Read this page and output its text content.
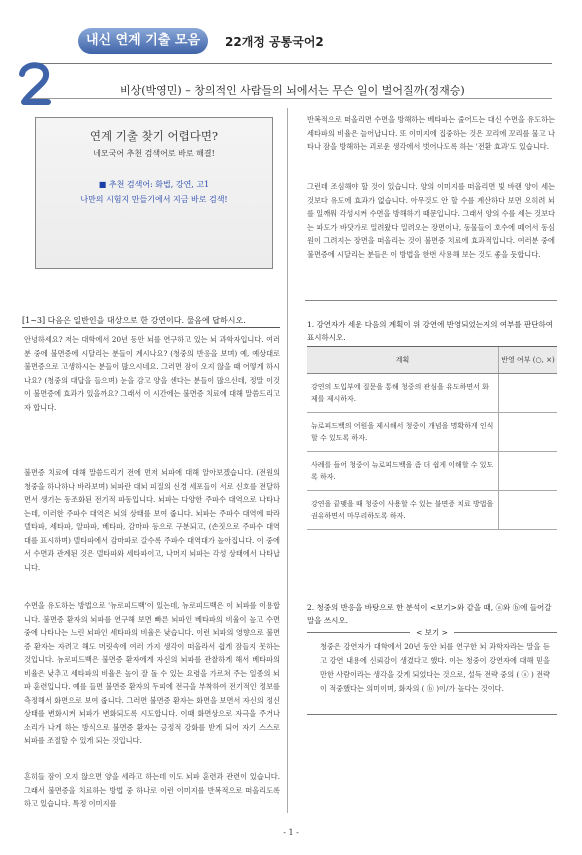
내신 연계 기출 모음	22개정 공통국어2
비상(박영민) – 창의적인 사람들의 뇌에서는 무슨 일이 벌어질까(정재승)
연계 기출 찾기 어렵다면?
네모국어 추천 검색어로 바로 해결!
■ 추천 검색어: 화법, 강연, 고1
나만의 시험지 만들기에서 지금 바로 검색!
[1~3] 다음은 일반인을 대상으로 한 강연이다. 물음에 답하시오.

안녕하세요? 저는 대학에서 20년 동안 뇌를 연구하고 있는 뇌 과학자입니다. 여러분 중에 불면증에 시달리는 분들이 계시나요? (청중의 반응을 보며) 예, 예상대로 불면증으로 고생하시는 분들이 많으시네요. 그러면 잠이 오지 않을 때 어떻게 하시나요? (청중의 대답을 들으며) 눈을 감고 양을 센다는 분들이 많으신데, 정말 이것이 불면증에 효과가 있을까요? 그래서 이 시간에는 불면증 치료에 대해 말씀드리고자 합니다.

불면증 치료에 대해 말씀드리기 전에 먼저 뇌파에 대해 알아보겠습니다. (전원의 청중을 하나하나 바라보며) 뇌파란 대뇌 피질의 신경 세포들이 서로 신호를 전달하면서 생기는 동조화된 전기적 파동입니다. 뇌파는 다양한 주파수 대역으로 나타나는데, 이러한 주파수 대역은 뇌의 상태를 보여 줍니다. 뇌파는 주파수 대역에 따라 델타파, 세타파, 알파파, 베타파, 감마파 등으로 구분되고, (손짓으로 주파수 대역대를 표시하며) 델타파에서 감마파로 갈수록 주파수 대역대가 높아집니다. 이 중에서 수면과 관계된 것은 델타파와 세타파이고, 나머지 뇌파는 각성 상태에서 나타납니다.

수면을 유도하는 방법으로 '뉴로피드백'이 있는데, 뉴로피드백은 이 뇌파를 이용합니다. 불면증 환자의 뇌파를 연구해 보면 빠른 뇌파인 베타파의 비율이 높고 수면 중에 나타나는 느린 뇌파인 세타파의 비율은 낮습니다. 이런 뇌파의 영향으로 불면증 환자는 자려고 해도 머릿속에 여러 가지 생각이 떠올라서 쉽게 잠들지 못하는 것입니다. 뉴로피드백은 불면증 환자에게 자신의 뇌파를 관찰하게 해서 베타파의 비율은 낮추고 세타파의 비율은 높이 잘 돌 수 있는 요령을 가르쳐 주는 일종의 뇌파 훈련입니다. 예를 들면 불면증 환자의 두피에 전극을 부착하여 전기적인 정보를 측정해서 화면으로 보여 줍니다. 그러면 불면증 환자는 화면을 보면서 자신의 정신 상태를 변화시켜 뇌파가 변화되도록 시도합니다. 이때 화면상으로 자극을 주거나 소리가 나게 하는 방식으로 불면증 환자는 긍정적 강화를 받게 되어 자기 스스로 뇌파를 조절할 수 있게 되는 것입니다.

흔히들 잠이 오지 않으면 양을 세라고 하는데 이도 뇌파 훈련과 관련이 있습니다. 그래서 불면증을 치료하는 방법 중 하나로 이런 이미지를 반복적으로 떠올리도록 하고 있습니다. 특정 이미지를

반복적으로 떠올리면 수면을 방해하는 베타파는 줄어드는 대신 수면을 유도하는 세타파의 비율은 늘어납니다. 또 이미지에 집중하는 것은 꼬리에 꼬리를 물고 나타나 잠을 방해하는 괴로운 생각에서 벗어나도록 하는 '전환 효과'도 있습니다.

그런데 조심해야 할 것이 있습니다. 양의 이미지를 떠올리면 빛 바랜 양이 세는 것보다 유도에 효과가 없습니다. 아무것도 안 할 수를 계산하다 보면 오히려 뇌를 일깨워 각성시켜 수면을 방해하기 때문입니다. 그래서 양의 수를 세는 것보다는 파도가 바닷가로 밀려왔다 밀려오는 장면이나, 동물들이 호수에 떼어서 동심원이 그려지는 장면을 떠올리는 것이 불면증 치료에 효과적입니다. 여러분 중에 불면증에 시달리는 분들은 이 방법을 한번 사용해 보는 것도 좋을 듯합니다.

1. 강연자가 세운 다음의 계획이 위 강연에 반영되었는지의 여부를 판단하여 표시하시오.
계획	반영 여부 (○, ×)
강연의 도입부에 질문을 통해 청중의 관심을 유도하면서 화제를 제시하자.	
뉴로피드백의 어원을 제시해서 청중이 개념을 명확하게 인식할 수 있도록 하자.	
사례를 들어 청중이 뉴로피드백을 좀 더 쉽게 이해할 수 있도록 하자.	
강연을 끝맺을 때 청중이 사용할 수 있는 불면증 치료 방법을 권유하면서 마무리하도록 하자.	
2. 청중의 반응을 바탕으로 한 분석이 <보기>와 같을 때, ⓐ와 ⓑ에 들어갈 말을 쓰시오.
< 보기 >
청중은 강연자가 대학에서 20년 동안 뇌를 연구한 뇌 과학자라는 말을 듣고 강연 내용에 신뢰감이 생겼다고 했다. 이는 청중이 강연자에 대해 믿을 만한 사람이라는 생각을 갖게 되었다는 것으로, 설득 전략 중의 ( ⓐ ) 전략이 적중했다는 의미이며, 화자의 ( ⓑ )이/가 높다는 것이다.
- 1 -
